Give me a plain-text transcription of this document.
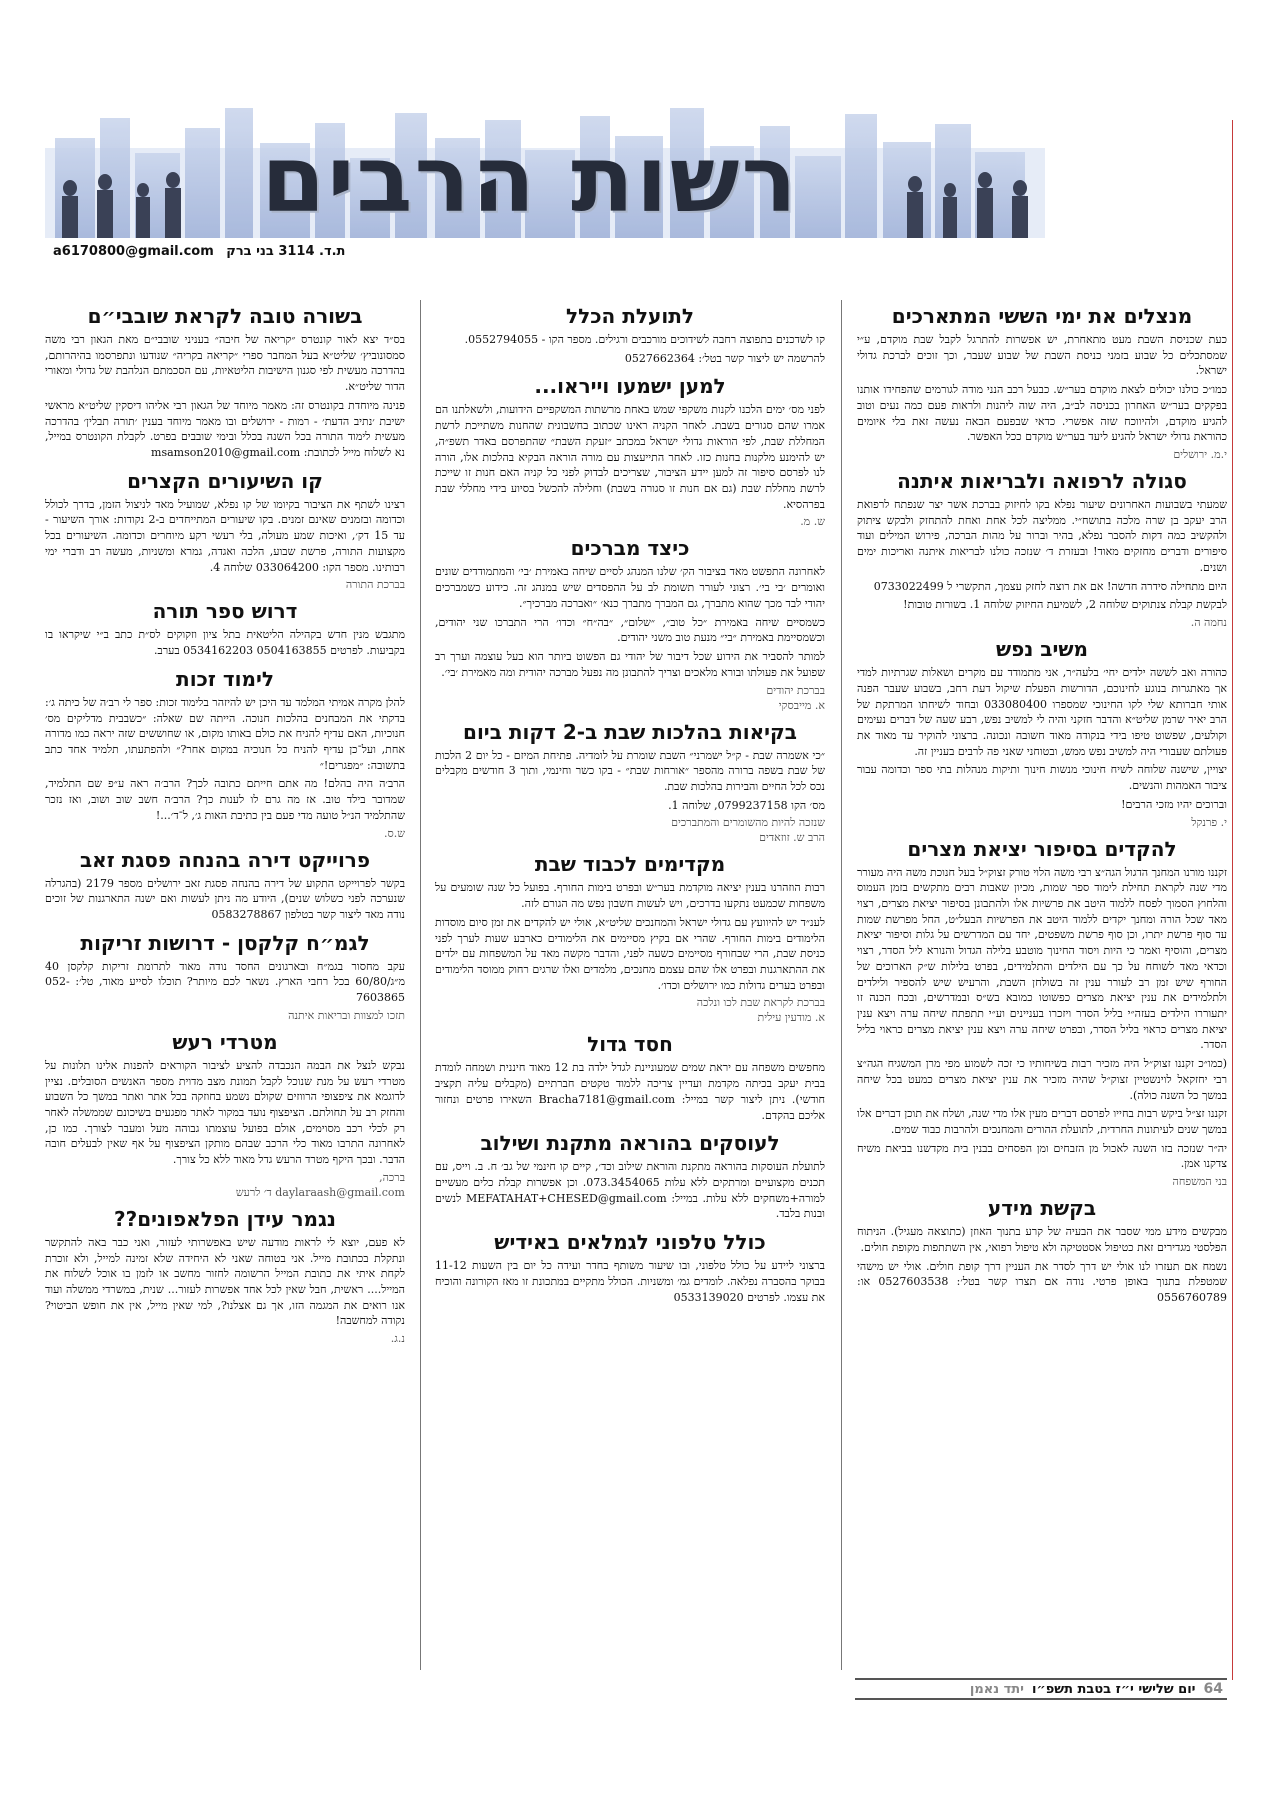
רשות הרבים
ת.ד. 3114 בני ברק a6170800@gmail.com
מנצלים את ימי הששי המתארכים

כעת שכניסת השבת מעט מתאחרת, יש אפשרות להתרגל לקבל שבת מוקדם, ע״י שמסתכלים כל שבוע בזמני כניסת השבת של שבוע שעבר, וכך זוכים לברכת גדולי ישראל.

כמו״כ כולנו יכולים לצאת מוקדם בער״ש. כבעל רכב הנני מודה לגורמים שהפחידו אותנו בפקקים בער״ש האחרון בכניסה לב״ב, היה שוה ליהנות ולראות פעם כמה נעים וטוב להגיע מוקדם, ולהיווכח שזה אפשרי. כדאי שבפעם הבאה נעשה זאת בלי איומים כהוראת גדולי ישראל להגיע ליעד בער״ש מוקדם ככל האפשר.

י.מ. ירושלים
סגולה לרפואה ולבריאות איתנה

שמעתי בשבועות האחרונים שיעור נפלא בקו לחיזוק בברכת אשר יצר שנפתח לרפואת הרב יעקב בן שרה מלכה בתושח״י. ממליצה לכל אחת ואחת להתחזק ולבקש ציתוק ולהקשיב כמה דקות להסבר נפלא, בהיר וברור על מהות הברכה, פירוש המילים ועוד סיפורים ודברים מחזקים מאוד! ובעזרת ד׳ שנזכה כולנו לבריאות איתנה ואריכות ימים ושנים.

היום מתחילה סידרה חדשה! אם את רוצה לחזק עצמך, התקשרי ל 0733022499

לבקשת קבלת צנתוקים שלוחה 2, לשמיעת החיזוק שלוחה 1. בשורות טובות!

נחמה ה.
משיב נפש

כהורה ואב לששה ילדים יחי׳ בלעה״ר, אני מתמודד עם מקרים ושאלות שגרתיות למדי אך מאתגרות בנוגע לחינוכם, הדורשות הפעלת שיקול דעת רחב, בשבוע שעבר הפנה אותי חברותא שלי לקו החינוכי שמספרו 033080400 ובחוד לשיחתו המרתקת של הרב יאיר שרמן שליט״א והדבר חזקני והיה לי למשיב נפש, רבע שעה של דברים נעימים וקולעים, שפשוט טיפו בידי בנקודה מאוד חשובה ונכונה. ברצוני להוקיר עד מאוד את פעולתם שעבורי היה למשיב נפש ממש, ובטוחני שאני פה לרבים בעניין זה.

יצויין, שישנה שלוחה לשיח חינוכי מנשות חינוך ותיקות מנהלות בתי ספר וכדומה עבור ציבור האמהות והנשים.

וברוכים יהיו מזכי הרבים!

י. פרנקל
להקדים בסיפור יציאת מצרים

זקננו מורנו המחנך הדגול הגה״צ רבי משה הלוי טורק זצוק״ל בעל חנוכת משה היה מעורר מדי שנה לקראת תחילת לימוד ספר שמות, מכיון שאבות רבים מתקשים בזמן העמוס והלחוץ הסמוך לפסח ללמוד היטב את פרשיות אלו ולהתבונן בסיפור יציאת מצרים, רצוי מאד שכל הורה ומחנך יקדים ללמוד היטב את הפרשיות הבעל״ט, החל מפרשת שמות עד סוף פרשת יתרו, וכן סוף פרשת משפטים, יחד עם המדרשים על גלות וסיפור יציאת מצרים, והוסיף ואמר כי היות ויסוד החינוך מוטבע בלילה הגדול והנורא ליל הסדר, רצוי וכדאי מאד לשוחח על כך עם הילדים והתלמידים, בפרט בלילות ש״ק הארוכים של החורף שיש זמן רב לעורר ענין זה בשולחן השבת, והרעיש שיש להספיר ולילדים ולתלמידים את ענין יציאת מצרים כפשוטו כמובא בש״ס ובמדרשים, ובכח הכנה זו יתעוררו הילדים בעזה״י בליל הסדר ויזכרו בעניינים וע״י תתפתח שיחה ערה ויצא ענין יציאת מצרים כראוי בליל הסדר, ובפרט שיחה ערה ויצא ענין יציאת מצרים כראוי בליל הסדר.

(כמו״כ זקננו זצוק״ל היה מזכיר רבות בשיחותיו כי זכה לשמוע מפי מרן המשגיח הגה״צ רבי יחזקאל לוינשטיין זצוק״ל שהיה מזכיר את ענין יציאת מצרים כמעט בכל שיחה במשך כל השנה כולה).

זקננו זצ״ל ביקש רבות בחייו לפרסם דברים מעין אלו מדי שנה, ושלח את תוכן דברים אלו במשך שנים לעיתונות החרדית, לתועלת ההורים והמחנכים ולהרבות כבוד שמים.

יה״ר שנזכה בזו השנה לאכול מן הזבחים ומן הפסחים בבנין בית מקדשנו בביאת משיח צדקנו אמן.

בני המשפחה
בקשת מידע

מבקשים מידע ממי שסבר את הבעיה של קרע בתנוך האוזן (כתוצאה מעגיל). הניתוח הפלסטי מגדירים זאת כטיפול אסטטיקה ולא טיפול רפואי, אין השתתפות מקופת חולים.

נשמח אם תעזרו לנו אולי יש דרך לסדר את העניין דרך קופת חולים. אולי יש מישהי שמטפלת בתנוך באופן פרטי. נודה אם תצרו קשר בטל׳: 0527603538 או: 0556760789

לתועלת הכלל

קו לשדכנים בתפוצה רחבה לשידוכים מורכבים ורגילים. מספר הקו - 0552794055.

להרשמה יש ליצור קשר בטל׳: 0527662364

למען ישמעו וייראו...

לפני מס׳ ימים הלכנו לקנות משקפי שמש באחת מרשתות המשקפיים הידועות, ולשאלתנו הם אמרו שהם סגורים בשבת. לאחר הקניה ראינו שכתוב בחשבונית שהחנות משתייכת לרשת המחללת שבת, לפי הוראות גדולי ישראל במכתב ״זעקת השבת״ שהתפרסם באדר תשפ״ה, יש להימנע מלקנות בחנות כזו. לאחר התייעצות עם מורה הוראה הבקיא בהלכות אלו, הורה לנו לפרסם סיפור זה למען יידע הציבור, שצריכים לבדוק לפני כל קניה האם חנות זו שייכת לרשת מחללת שבת (גם אם חנות זו סגורה בשבת) וחלילה להכשל בסיוע בידי מחללי שבת בפרהסיא.

ש. מ.
כיצד מברכים

לאחרונה התפשט מאד בציבור הק׳ שלנו המנהג לסיים שיחה באמירת ׳בי׳ והמתמודדים שונים ואומרים ׳בי בי׳. רצוני לעורר תשומת לב על ההפסדים שיש במנהג זה. כידוע כשמברכים יהודי לבד מכך שהוא מתברך, גם המברך מתברך כנא׳ ״ואברכה מברכיך״.

כשמסיים שיחה באמירת ״כל טוב״, ״שלום״, ״בה״ח״ וכדו׳ הרי התברכו שני יהודים, וכשמסיימת באמירת ״בי״ מנעת טוב משני יהודים.

למותר להסביר את הידוע שכל דיבור של יהודי גם הפשוט ביותר הוא בעל עוצמה וערך רב שפועל את פעולתו ובורא מלאכים וצריך להתבונן מה נפעל מברכה יהודית ומה מאמירת ׳בי׳.

בברכת יהודים
א. מייבסקי
בקיאות בהלכות שבת ב-2 דקות ביום

״כי אשמרה שבת - ק״ל ישמרני״ השבת שומרת על לומדיה. פתיחת המיזם - כל יום 2 הלכות של שבת בשפה ברורה מהספר ״אורחות שבת״ - בקו כשר וחינמי, ותוך 3 חודשים מקבלים נכס לכל החיים והבירות בהלכות שבת.

מס׳ הקו 0799237158, שלוחה 1.

שנזכה להיות מהשומרים והמתברכים
הרב ש. זוזאדים
מקדימים לכבוד שבת

רבות הוזהרנו בענין יציאה מוקדמת בער״ש ובפרט בימות החורף. בפועל כל שנה שומעים על משפחות שכמעט נתקעו בדרכים, ויש לעשות חשבון נפש מה הגורם לזה.

לענ״ד יש להיוועץ עם גדולי ישראל והמחנכים שליט״א, אולי יש להקדים את זמן סיום מוסדות הלימודים בימות החורף. שהרי אם בקיץ מסיימים את הלימודים כארבע שעות לערך לפני כניסת שבת, הרי שבחורף מסיימים כשעה לפני, והדבר מקשה מאד על המשפחות עם ילדים את ההתארגנות ובפרט אלו שהם עצמם מחנכים, מלמדים ואלו שרגים רחוק ממוסד הלימודים ובפרט בערים גדולות כמו ירושלים וכדו׳.

בברכת לקראת שבת לכו ונלכה
א. מודעין עילית
חסד גדול

מחפשים משפחה עם יראת שמים שמעוניינת לגדל ילדה בת 12 מאוד חיננית ושמחה לומדת בבית יעקב בכיתה מקדמת ועדיין צריכה ללמוד טקטים חברתיים (מקבלים עליה תקציב חודשי). ניתן ליצור קשר במייל: Bracha7181@gmail.com השאירו פרטים ונחזור אליכם בהקדם.

לעוסקים בהוראה מתקנת ושילוב

לתועלת העוסקות בהוראה מתקנת והוראת שילוב וכד׳, קיים קו חינמי של גב׳ ח. ב. וייס, עם תכנים מקצועיים ומרתקים ללא עלות 073.3454065. וכן אפשרות קבלת כלים מעשיים למורה+משחקים ללא עלות. במייל: MEFATAHAT+CHESED@gmail.com לנשים ובנות בלבד.

כולל טלפוני לגמלאים באידיש

ברצוני ליידע על כולל טלפוני, ובו שיעור משותף בחדר ועידה כל יום בין השעות 11-12 בבוקר בהסברה נפלאה. לומדים גמ׳ ומשניות. הכולל מתקיים במתכונת זו מאז הקורונה והוכיח את עצמו. לפרטים 0533139020

בשורה טובה לקראת שובבי״ם

בס״ד יצא לאור קונטרס ״קריאה של חיבה״ בעניני שובבי״ם מאת הגאון רבי משה סמסונוביץ׳ שליט״א בעל המחבר ספרי ״קריאה בקריה״ שנודעו ונתפרסמו בהיהרותם, בהדרכה מעשית לפי סגנון הישיבות הליטאיות, עם הסכמתם הנלהבת של גדולי ומאורי הדור שליט״א.

פנינה מיוחדת בקונטרס זה: מאמר מיוחד של הגאון רבי אליהו דיסקין שליט״א מראשי ישיבת ׳נתיב הדעת׳ - רמות - ירושלים ובו מאמר מיוחד בענין ׳תורה תבלין׳ בהדרכה מעשית לימוד התורה בכל השנה בכלל ובימי שובבים בפרט. לקבלת הקונטרס במייל, נא לשלוח מייל לכתובת: msamson2010@gmail.com

קו השיעורים הקצרים

רצינו לשתף את הציבור בקיומו של קו נפלא, שמועיל מאד לניצול הזמן, בדרך לכולל וכדומה ובזמנים שאינם זמנים. בקו שיעורים המתייחדים ב-2 נקודות: אורך השיעור - עד 15 דק׳, ואיכות שמע מעולה, בלי רעשי רקע מיוחרים וכדומה. השיעורים בכל מקצועות התורה, פרשת שבוע, הלכה ואגדה, גמרא ומשניות, מעשה רב ודברי ימי רבותינו. מספר הקו: 033064200 שלוחה 4.

בברכת התורה
דרוש ספר תורה

מתגבש מנין חדש בקהילה הליטאית בתל ציון וזקוקים לס״ת כתב ב״י שיקראו בו בקביעות. לפרטים 0504163855 0534162203 בערב.

לימוד זכות

להלן מקרה אמיתי המלמד עד היכן יש להיזהר בלימוד זכות: ספר לי רב׳ה של כיתה ג׳: בדקתי את המבחנים בהלכות חנוכה. הייתה שם שאלה: ״כשבבית מדליקים מס׳ חנוכיות, האם עדיף להניח את כולם באותו מקום, או שחוששים שזה יראה כמו מדורה אחת, ועל־כן עדיף להניח כל חנוכיה במקום אחר?״ ולהפתעתו, תלמיד אחד כתב בתשובה: ״מפגרים!״

הרב׳ה היה בהלם! מה אתם חייתם כתובה לכך? הרב׳ה ראה ע״פ שם התלמיד, שמדובר בילד טוב. אז מה גרם לו לענות כך? הרב׳ה חשב שוב ושוב, ואז נזכר שהתלמיד הנ״ל טועה מדי פעם בין כתיבת האות ג׳, ל־ד׳...!

ש.ס.
פרוייקט דירה בהנחה פסגת זאב

בקשר לפרוייקט התקוע של דירה בהנחה פסגת זאב ירושלים מספר 2179 (בהגרלה שנערכה לפני כשלוש שנים), היודע מה ניתן לעשות ואם ישנה התארגנות של זוכים נודה מאד ליצור קשר בטלפון 0583278867

לגמ״ח קלקסן - דרושות זריקות

עקב מחסור בגמ״ח ובארגונים החסד נודה מאוד לתרומת זריקות קלקסן 40 מ״ג/60/80 בכל רחבי הארץ. נשאר לכם מיותר? תוכלו לסייע מאוד, טל׳: 052-7603865

תזכו למצוות ובריאות איתנה
מטרדי רעש

נבקש לנצל את הבמה הנכבדה להציע לציבור הקוראים להפנות אלינו תלונות על מטרדי רעש על מנת שנוכל לקבל תמונת מצב מדוית מספר האנשים הסובלים. נציין לדוגמא את ציפצופי הרווזים שקולם נשמע בחוזקה בכל אתר ואתר במשך כל השבוע והחזק רב על תחולתם. הציפצוף נועד במקור לאתר מפגעים בשיכונם שממשלה לאחר רק לכלי רכב מסוימים, אולם בפועל עוצמתו גבוהה מעל ומעבר לצורך. כמו כן, לאחרונה התרבו מאוד כלי הרכב שבהם מותקן הציפצוף על אף שאין לבעלים חובה הדבר. ובכך היקף מטרד הרעש גדל מאוד ללא כל צורך.

ברכה,
daylaraash@gmail.com ד׳ לרעש
נגמר עידן הפלאפונים??

לא פעם, יוצא לי לראות מודעה שיש באפשרותי לעזור, ואני כבר באה להתקשר ונתקלת בכתובת מייל. אני בטוחה שאני לא היחידה שלא זמינה למייל, ולא זוכרת לקחת איתי את כתובת המייל הרשומה לחזור מחשב או לזמן בו אוכל לשלוח את המייל.... ראשית, חבל שאין לכל אחד אפשרות לעזור... שנית, במשרדי ממשלה ועוד אנו רואים את המגמה הזו, אך גם אצלנו?, למי שאין מייל, אין את חופש הביטוי? נקודה למחשבה!

נ.ג.
64
יום שלישי י״ז בטבת תשפ״ו
יתד נאמן
